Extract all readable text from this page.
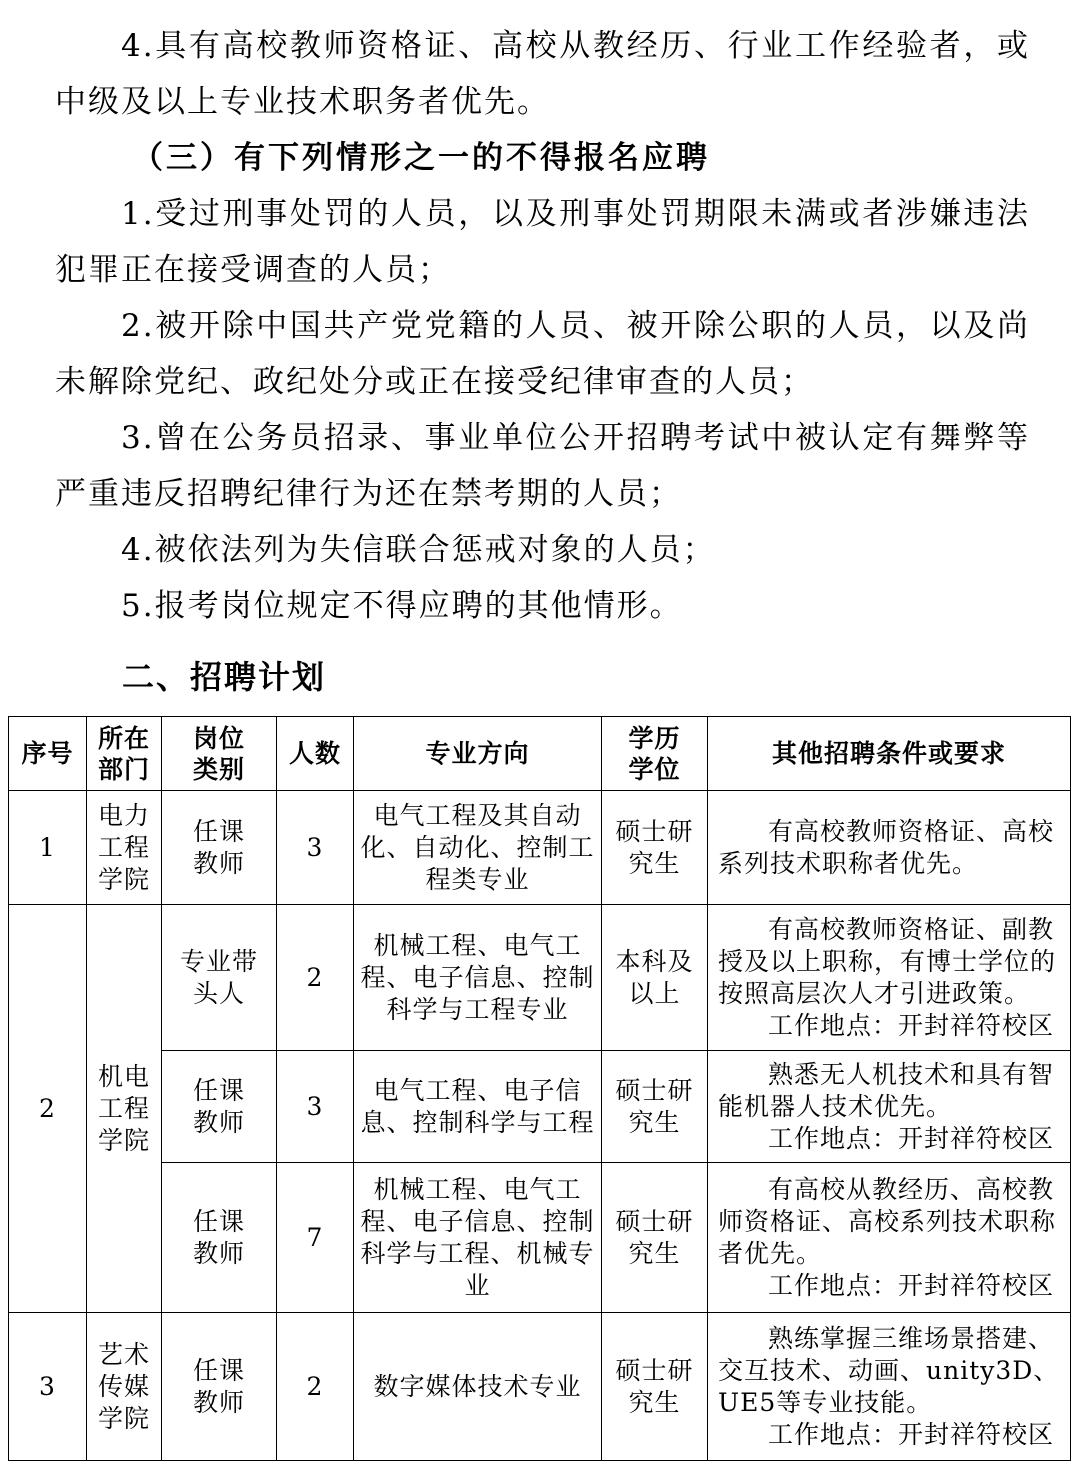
4.具有高校教师资格证、高校从教经历、行业工作经验者，或中级及以上专业技术职务者优先。

（三）有下列情形之一的不得报名应聘

1.受过刑事处罚的人员，以及刑事处罚期限未满或者涉嫌违法犯罪正在接受调查的人员；

2.被开除中国共产党党籍的人员、被开除公职的人员，以及尚未解除党纪、政纪处分或正在接受纪律审查的人员；

3.曾在公务员招录、事业单位公开招聘考试中被认定有舞弊等严重违反招聘纪律行为还在禁考期的人员；

4.被依法列为失信联合惩戒对象的人员；

5.报考岗位规定不得应聘的其他情形。

二、招聘计划
序号	所在部门	岗位类别	人数	专业方向	学历学位	其他招聘条件或要求
1	电力工程学院	任课教师	3	电气工程及其自动化、自动化、控制工程类专业	硕士研究生	有高校教师资格证、高校系列技术职称者优先。

2	机电工程学院	专业带头人	2	机械工程、电气工程、电子信息、控制科学与工程专业	本科及以上	有高校教师资格证、副教授及以上职称，有博士学位的按照高层次人才引进政策。
工作地点：开封祥符校区

		任课教师	3	电气工程、电子信息、控制科学与工程	硕士研究生	熟悉无人机技术和具有智能机器人技术优先。
工作地点：开封祥符校区

		任课教师	7	机械工程、电气工程、电子信息、控制科学与工程、机械专业	硕士研究生	有高校从教经历、高校教师资格证、高校系列技术职称者优先。
工作地点：开封祥符校区

3	艺术传媒学院	任课教师	2	数字媒体技术专业	硕士研究生	熟练掌握三维场景搭建、交互技术、动画、unity3D、UE5等专业技能。
工作地点：开封祥符校区
